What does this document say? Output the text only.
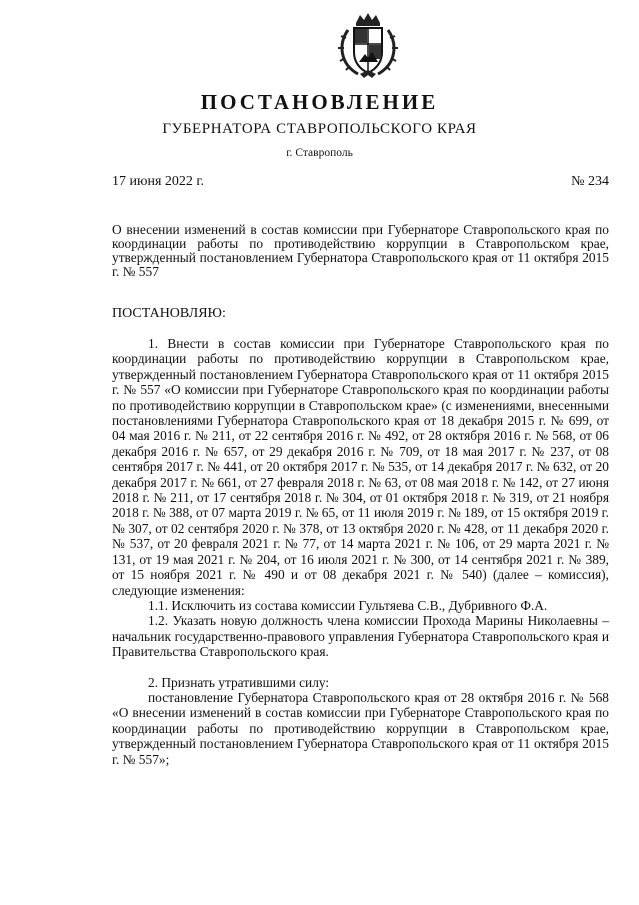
ПОСТАНОВЛЕНИЕ
ГУБЕРНАТОРА СТАВРОПОЛЬСКОГО КРАЯ
г. Ставрополь
17 июня 2022 г.	№ 234

О внесении изменений в состав комиссии при Губернаторе Ставропольского края по координации работы по противодействию коррупции в Ставропольском крае, утвержденный постановлением Губернатора Ставропольского края от 11 октября 2015 г. № 557

ПОСТАНОВЛЯЮ:

1. Внести в состав комиссии при Губернаторе Ставропольского края по координации работы по противодействию коррупции в Ставропольском крае, утвержденный постановлением Губернатора Ставропольского края от 11 октября 2015 г. № 557 «О комиссии при Губернаторе Ставропольского края по координации работы по противодействию коррупции в Ставропольском крае» (с изменениями, внесенными постановлениями Губернатора Ставропольского края от 18 декабря 2015 г. № 699, от 04 мая 2016 г. № 211, от 22 сентября 2016 г. № 492, от 28 октября 2016 г. № 568, от 06 декабря 2016 г. № 657, от 29 декабря 2016 г. № 709, от 18 мая 2017 г. № 237, от 08 сентября 2017 г. № 441, от 20 октября 2017 г. № 535, от 14 декабря 2017 г. № 632, от 20 декабря 2017 г. № 661, от 27 февраля 2018 г. № 63, от 08 мая 2018 г. № 142, от 27 июня 2018 г. № 211, от 17 сентября 2018 г. № 304, от 01 октября 2018 г. № 319, от 21 ноября 2018 г. № 388, от 07 марта 2019 г. № 65, от 11 июля 2019 г. № 189, от 15 октября 2019 г. № 307, от 02 сентября 2020 г. № 378, от 13 октября 2020 г. № 428, от 11 декабря 2020 г. № 537, от 20 февраля 2021 г. № 77, от 14 марта 2021 г. № 106, от 29 марта 2021 г. № 131, от 19 мая 2021 г. № 204, от 16 июля 2021 г. № 300, от 14 сентября 2021 г. № 389, от 15 ноября 2021 г. № 490 и от 08 декабря 2021 г. № 540) (далее – комиссия), следующие изменения:

1.1. Исключить из состава комиссии Гультяева С.В., Дубривного Ф.А.

1.2. Указать новую должность члена комиссии Прохода Марины Николаевны – начальник государственно-правового управления Губернатора Ставропольского края и Правительства Ставропольского края.

2. Признать утратившими силу:

постановление Губернатора Ставропольского края от 28 октября 2016 г. № 568 «О внесении изменений в состав комиссии при Губернаторе Ставропольского края по координации работы по противодействию коррупции в Ставропольском крае, утвержденный постановлением Губернатора Ставропольского края от 11 октября 2015 г. № 557»;
